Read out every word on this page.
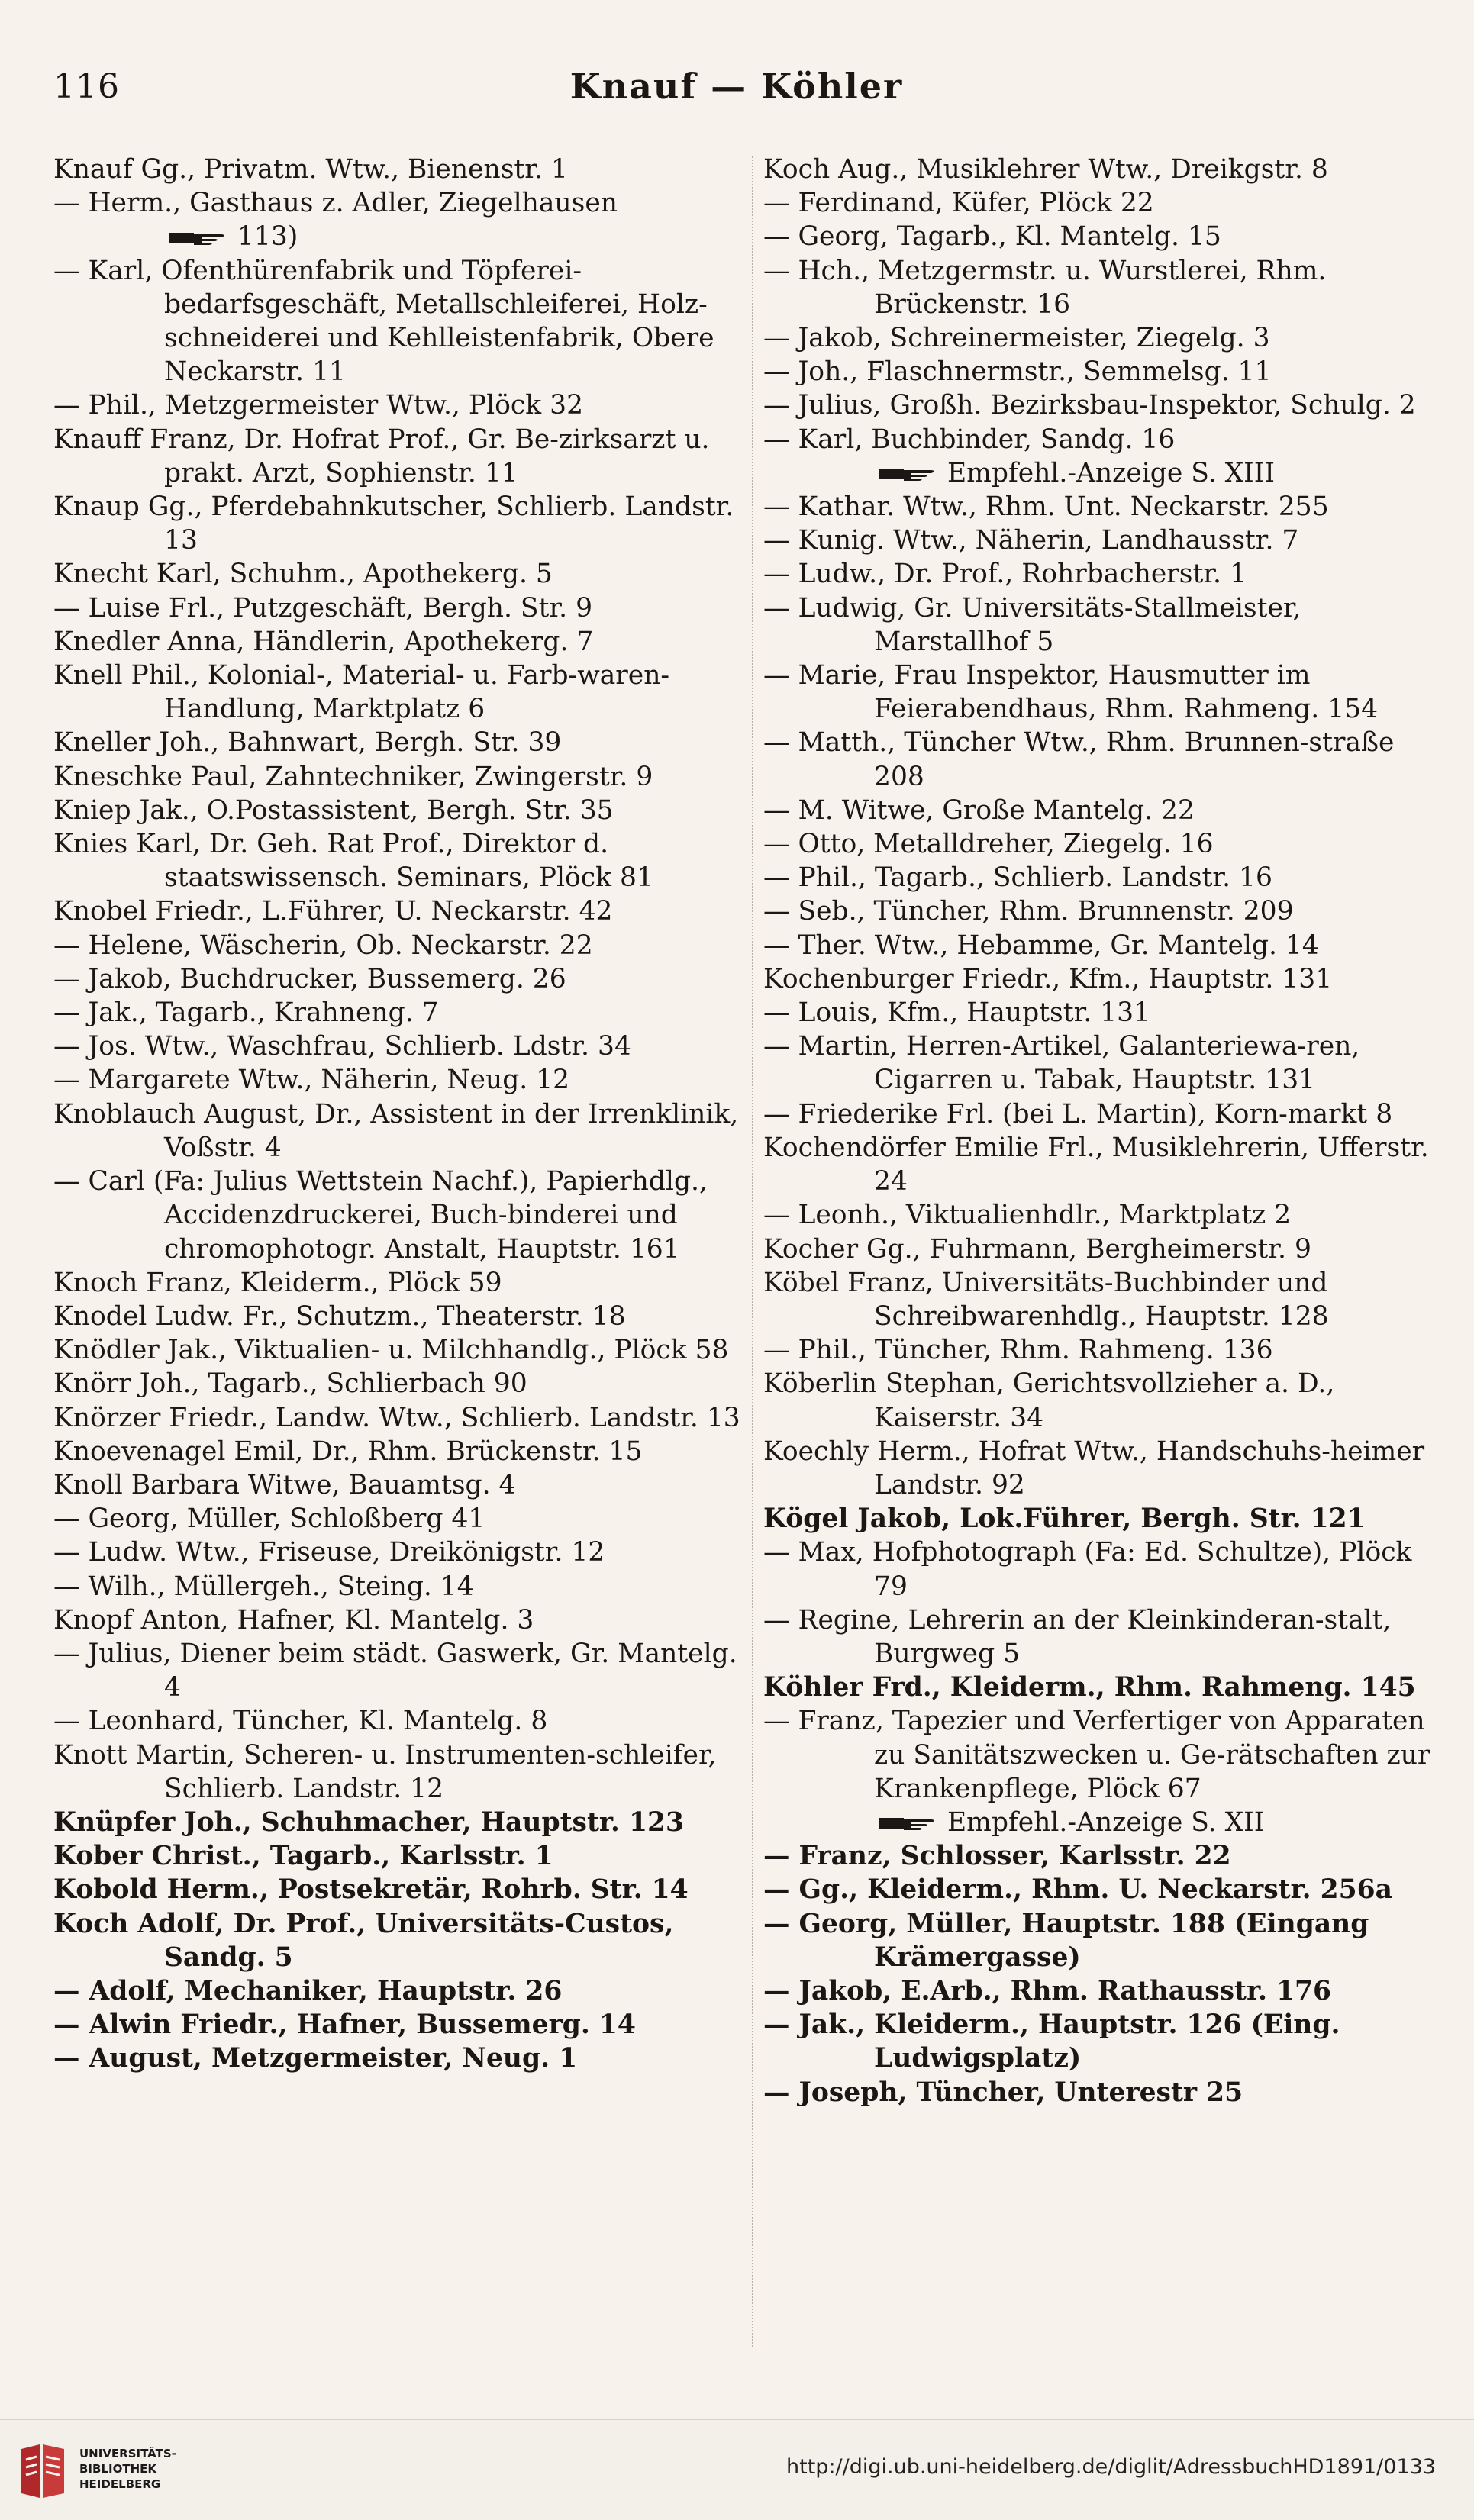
116	Knauf — Köhler
Knauf Gg., Privatm. Wtw., Bienenstr. 1
— Herm., Gasthaus z. Adler, Ziegelhausen
113)
— Karl, Ofenthürenfabrik und Töpferei-bedarfsgeschäft, Metallschleiferei, Holz-schneiderei und Kehlleistenfabrik, Obere Neckarstr. 11
— Phil., Metzgermeister Wtw., Plöck 32
Knauff Franz, Dr. Hofrat Prof., Gr. Be-zirksarzt u. prakt. Arzt, Sophienstr. 11
Knaup Gg., Pferdebahnkutscher, Schlierb. Landstr. 13
Knecht Karl, Schuhm., Apothekerg. 5
— Luise Frl., Putzgeschäft, Bergh. Str. 9
Knedler Anna, Händlerin, Apothekerg. 7
Knell Phil., Kolonial-, Material- u. Farb-waren-Handlung, Marktplatz 6
Kneller Joh., Bahnwart, Bergh. Str. 39
Kneschke Paul, Zahntechniker, Zwingerstr. 9
Kniep Jak., O.Postassistent, Bergh. Str. 35
Knies Karl, Dr. Geh. Rat Prof., Direktor d. staatswissensch. Seminars, Plöck 81
Knobel Friedr., L.Führer, U. Neckarstr. 42
— Helene, Wäscherin, Ob. Neckarstr. 22
— Jakob, Buchdrucker, Bussemerg. 26
— Jak., Tagarb., Krahneng. 7
— Jos. Wtw., Waschfrau, Schlierb. Ldstr. 34
— Margarete Wtw., Näherin, Neug. 12
Knoblauch August, Dr., Assistent in der Irrenklinik, Voßstr. 4
— Carl (Fa: Julius Wettstein Nachf.), Papierhdlg., Accidenzdruckerei, Buch-binderei und chromophotogr. Anstalt, Hauptstr. 161
Knoch Franz, Kleiderm., Plöck 59
Knodel Ludw. Fr., Schutzm., Theaterstr. 18
Knödler Jak., Viktualien- u. Milchhandlg., Plöck 58
Knörr Joh., Tagarb., Schlierbach 90
Knörzer Friedr., Landw. Wtw., Schlierb. Landstr. 13
Knoevenagel Emil, Dr., Rhm. Brückenstr. 15
Knoll Barbara Witwe, Bauamtsg. 4
— Georg, Müller, Schloßberg 41
— Ludw. Wtw., Friseuse, Dreikönigstr. 12
— Wilh., Müllergeh., Steing. 14
Knopf Anton, Hafner, Kl. Mantelg. 3
— Julius, Diener beim städt. Gaswerk, Gr. Mantelg. 4
— Leonhard, Tüncher, Kl. Mantelg. 8
Knott Martin, Scheren- u. Instrumenten-schleifer, Schlierb. Landstr. 12
Knüpfer Joh., Schuhmacher, Hauptstr. 123
Kober Christ., Tagarb., Karlsstr. 1
Kobold Herm., Postsekretär, Rohrb. Str. 14
Koch Adolf, Dr. Prof., Universitäts-Custos, Sandg. 5
— Adolf, Mechaniker, Hauptstr. 26
— Alwin Friedr., Hafner, Bussemerg. 14
— August, Metzgermeister, Neug. 1
Koch Aug., Musiklehrer Wtw., Dreikgstr. 8
— Ferdinand, Küfer, Plöck 22
— Georg, Tagarb., Kl. Mantelg. 15
— Hch., Metzgermstr. u. Wurstlerei, Rhm. Brückenstr. 16
— Jakob, Schreinermeister, Ziegelg. 3
— Joh., Flaschnermstr., Semmelsg. 11
— Julius, Großh. Bezirksbau-Inspektor, Schulg. 2
— Karl, Buchbinder, Sandg. 16
Empfehl.-Anzeige S. XIII
— Kathar. Wtw., Rhm. Unt. Neckarstr. 255
— Kunig. Wtw., Näherin, Landhausstr. 7
— Ludw., Dr. Prof., Rohrbacherstr. 1
— Ludwig, Gr. Universitäts-Stallmeister, Marstallhof 5
— Marie, Frau Inspektor, Hausmutter im Feierabendhaus, Rhm. Rahmeng. 154
— Matth., Tüncher Wtw., Rhm. Brunnen-straße 208
— M. Witwe, Große Mantelg. 22
— Otto, Metalldreher, Ziegelg. 16
— Phil., Tagarb., Schlierb. Landstr. 16
— Seb., Tüncher, Rhm. Brunnenstr. 209
— Ther. Wtw., Hebamme, Gr. Mantelg. 14
Kochenburger Friedr., Kfm., Hauptstr. 131
— Louis, Kfm., Hauptstr. 131
— Martin, Herren-Artikel, Galanteriewa-ren, Cigarren u. Tabak, Hauptstr. 131
— Friederike Frl. (bei L. Martin), Korn-markt 8
Kochendörfer Emilie Frl., Musiklehrerin, Ufferstr. 24
— Leonh., Viktualienhdlr., Marktplatz 2
Kocher Gg., Fuhrmann, Bergheimerstr. 9
Köbel Franz, Universitäts-Buchbinder und Schreibwarenhdlg., Hauptstr. 128
— Phil., Tüncher, Rhm. Rahmeng. 136
Köberlin Stephan, Gerichtsvollzieher a. D., Kaiserstr. 34
Koechly Herm., Hofrat Wtw., Handschuhs-heimer Landstr. 92
Kögel Jakob, Lok.Führer, Bergh. Str. 121
— Max, Hofphotograph (Fa: Ed. Schultze), Plöck 79
— Regine, Lehrerin an der Kleinkinderan-stalt, Burgweg 5
Köhler Frd., Kleiderm., Rhm. Rahmeng. 145
— Franz, Tapezier und Verfertiger von Apparaten zu Sanitätszwecken u. Ge-rätschaften zur Krankenpflege, Plöck 67
Empfehl.-Anzeige S. XII
— Franz, Schlosser, Karlsstr. 22
— Gg., Kleiderm., Rhm. U. Neckarstr. 256a
— Georg, Müller, Hauptstr. 188 (Eingang Krämergasse)
— Jakob, E.Arb., Rhm. Rathausstr. 176
— Jak., Kleiderm., Hauptstr. 126 (Eing. Ludwigsplatz)
— Joseph, Tüncher, Unterestr 25
UNIVERSITÄTS-
BIBLIOTHEK
HEIDELBERG
http://digi.ub.uni-heidelberg.de/diglit/AdressbuchHD1891/0133
